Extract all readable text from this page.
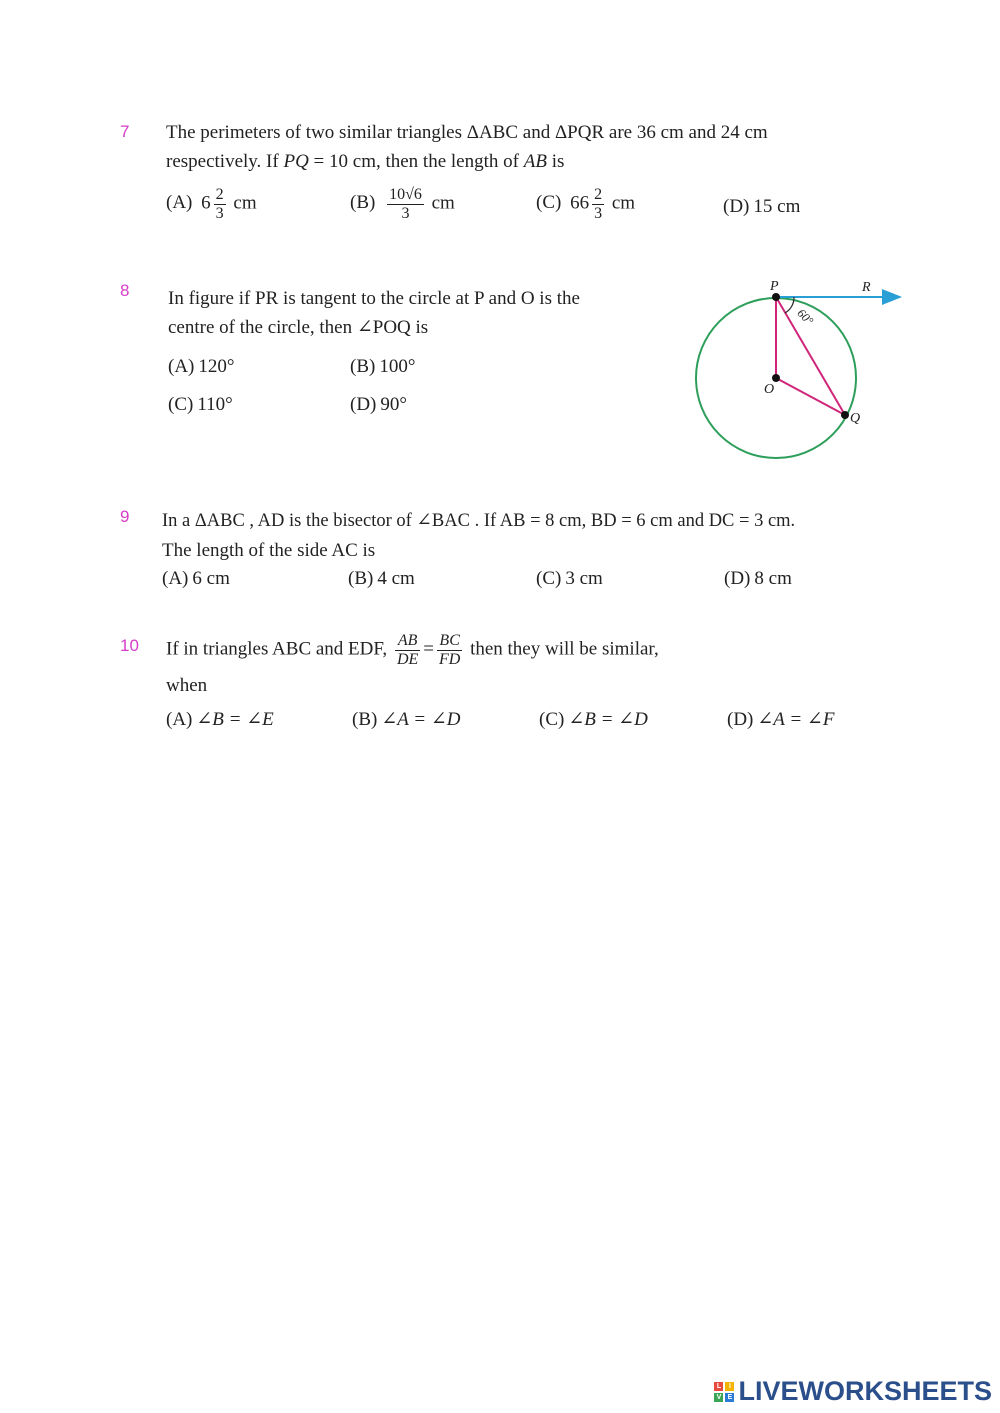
7 The perimeters of two similar triangles ΔABC and ΔPQR are 36 cm and 24 cm
respectively. If PQ = 10 cm, then the length of AB is
(A) $6 \frac{2}{3}$ cm	$(B) \frac{10√6}{3}$ cm	(C) $66 \frac{2}{3}$ cm	(D) 15 cm
8 In figure if PR is tangent to the circle at P and O is the
centre of the circle, then ∠POQ is
(A) 120°	(B) 100°
(C) 110°	(D) 90°
P	R
O
Q
60°
9 In a ΔABC , AD is the bisector of ∠BAC . If AB = 8 cm, BD = 6 cm and DC = 3 cm.
The length of the side AC is
(A) 6 cm	(B) 4 cm	(C) 3 cm	(D) 8 cm
10 If in triangles ABC and EDF, $\frac{AB}{DE} = \frac{BC}{FD}$ then they will be similar,
when
(A) ∠B = ∠E	(B) ∠A = ∠D	(C) ∠B = ∠D	(D) ∠A = ∠F
L	I
V E LIVEWORKSHEETS
